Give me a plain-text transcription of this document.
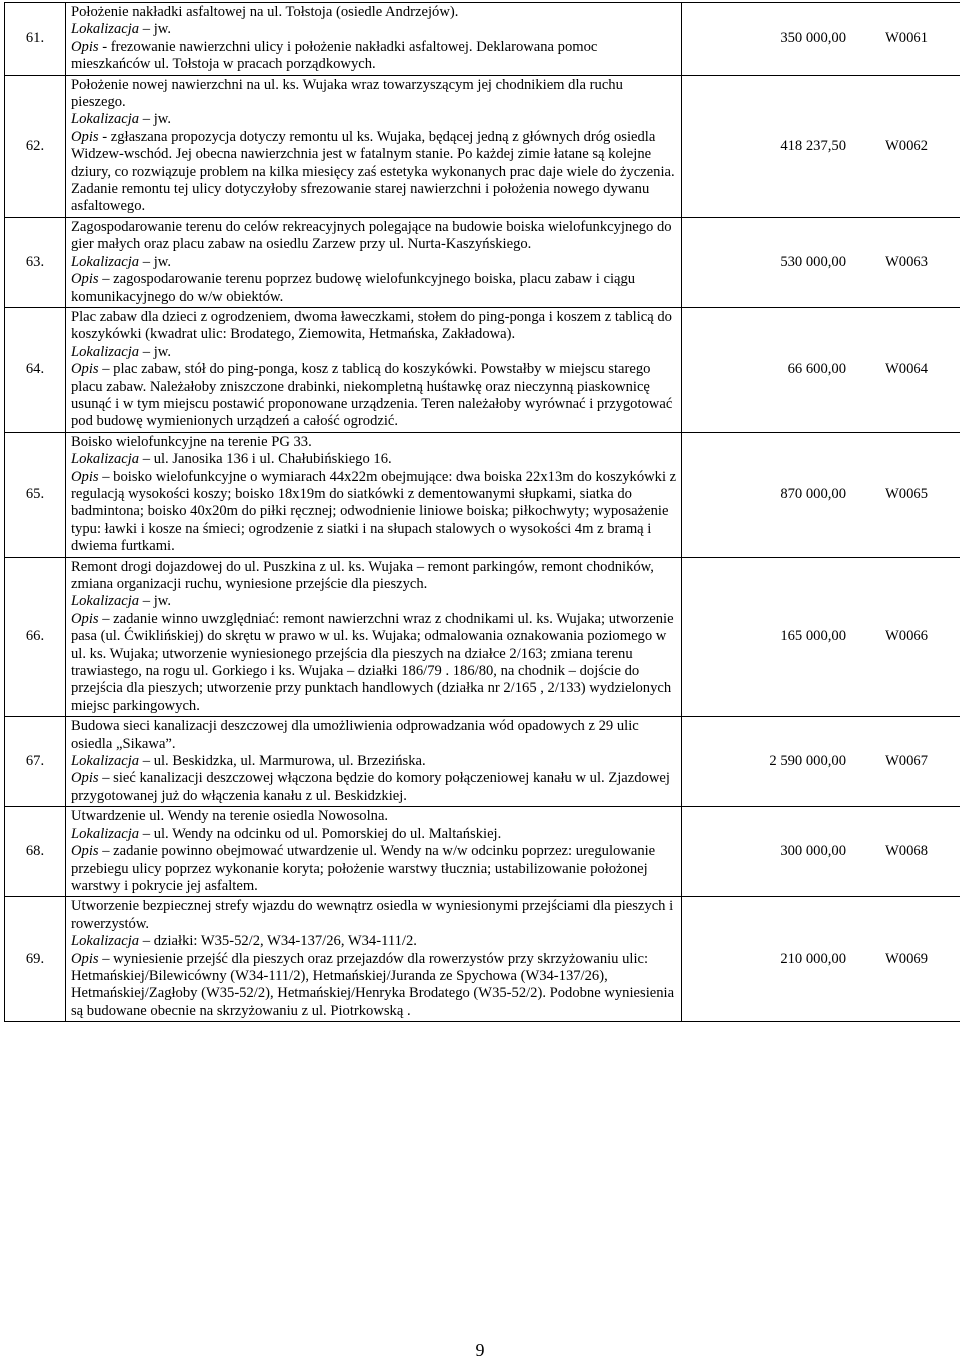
61.	Położenie nakładki asfaltowej na ul. Tołstoja (osiedle Andrzejów).
Lokalizacja – jw.
Opis - frezowanie nawierzchni ulicy i położenie nakładki asfaltowej. Deklarowana pomoc mieszkańców ul. Tołstoja w pracach porządkowych.	350 000,00 W0061

62.	Położenie nowej nawierzchni na ul. ks. Wujaka wraz towarzyszącym jej chodnikiem dla ruchu pieszego.
Lokalizacja – jw.
Opis - zgłaszana propozycja dotyczy remontu ul ks. Wujaka, będącej jedną z głównych dróg osiedla Widzew-wschód. Jej obecna nawierzchnia jest w fatalnym stanie. Po każdej zimie łatane są kolejne dziury, co rozwiązuje problem na kilka miesięcy zaś estetyka wykonanych prac daje wiele do życzenia. Zadanie remontu tej ulicy dotyczyłoby sfrezowanie starej nawierzchni i położenia nowego dywanu asfaltowego.	418 237,50 W0062

63.	Zagospodarowanie terenu do celów rekreacyjnych polegające na budowie boiska wielofunkcyjnego do gier małych oraz placu zabaw na osiedlu Zarzew przy ul. Nurta-Kaszyńskiego.
Lokalizacja – jw.
Opis – zagospodarowanie terenu poprzez budowę wielofunkcyjnego boiska, placu zabaw i ciągu komunikacyjnego do w/w obiektów.	530 000,00 W0063

64.	Plac zabaw dla dzieci z ogrodzeniem, dwoma ławeczkami, stołem do ping-ponga i koszem z tablicą do koszykówki (kwadrat ulic: Brodatego, Ziemowita, Hetmańska, Zakładowa).
Lokalizacja – jw.
Opis – plac zabaw, stół do ping-ponga, kosz z tablicą do koszykówki. Powstałby w miejscu starego placu zabaw. Należałoby zniszczone drabinki, niekompletną huśtawkę oraz nieczynną piaskownicę usunąć i w tym miejscu postawić proponowane urządzenia. Teren należałoby wyrównać i przygotować pod budowę wymienionych urządzeń a całość ogrodzić.	66 600,00 W0064

65.	Boisko wielofunkcyjne na terenie PG 33.
Lokalizacja – ul. Janosika 136 i ul. Chałubińskiego 16.
Opis – boisko wielofunkcyjne o wymiarach 44x22m obejmujące: dwa boiska 22x13m do koszykówki z regulacją wysokości koszy; boisko 18x19m do siatkówki z dementowanymi słupkami, siatka do badmintona; boisko 40x20m do piłki ręcznej; odwodnienie liniowe boiska; piłkochwyty; wyposażenie typu: ławki i kosze na śmieci; ogrodzenie z siatki i na słupach stalowych o wysokości 4m z bramą i dwiema furtkami.	870 000,00 W0065

66.	Remont drogi dojazdowej do ul. Puszkina z ul. ks. Wujaka – remont parkingów, remont chodników, zmiana organizacji ruchu, wyniesione przejście dla pieszych.
Lokalizacja – jw.
Opis – zadanie winno uwzględniać: remont nawierzchni wraz z chodnikami ul. ks. Wujaka; utworzenie pasa (ul. Ćwiklińskiej) do skrętu w prawo w ul. ks. Wujaka; odmalowania oznakowania poziomego w ul. ks. Wujaka; utworzenie wyniesionego przejścia dla pieszych na działce 2/163; zmiana terenu trawiastego, na rogu ul. Gorkiego i ks. Wujaka – działki 186/79 . 186/80, na chodnik – dojście do przejścia dla pieszych; utworzenie przy punktach handlowych (działka nr 2/165 , 2/133) wydzielonych miejsc parkingowych.	165 000,00 W0066

67.	Budowa sieci kanalizacji deszczowej dla umożliwienia odprowadzania wód opadowych z 29 ulic osiedla „Sikawa”.
Lokalizacja – ul. Beskidzka, ul. Marmurowa, ul. Brzezińska.
Opis – sieć kanalizacji deszczowej włączona będzie do komory połączeniowej kanału w ul. Zjazdowej przygotowanej już do włączenia kanału z ul. Beskidzkiej.	2 590 000,00 W0067

68.	Utwardzenie ul. Wendy na terenie osiedla Nowosolna.
Lokalizacja – ul. Wendy na odcinku od ul. Pomorskiej do ul. Maltańskiej.
Opis – zadanie powinno obejmować utwardzenie ul. Wendy na w/w odcinku poprzez: uregulowanie przebiegu ulicy poprzez wykonanie koryta; położenie warstwy tłucznia; ustabilizowanie położonej warstwy i pokrycie jej asfaltem.	300 000,00 W0068

69.	Utworzenie bezpiecznej strefy wjazdu do wewnątrz osiedla w wyniesionymi przejściami dla pieszych i rowerzystów.
Lokalizacja – działki: W35-52/2, W34-137/26, W34-111/2.
Opis – wyniesienie przejść dla pieszych oraz przejazdów dla rowerzystów przy skrzyżowaniu ulic: Hetmańskiej/Bilewicówny (W34-111/2), Hetmańskiej/Juranda ze Spychowa (W34-137/26), Hetmańskiej/Zagłoby (W35-52/2), Hetmańskiej/Henryka Brodatego (W35-52/2). Podobne wyniesienia są budowane obecnie na skrzyżowaniu z ul. Piotrkowską .	210 000,00 W0069
9
